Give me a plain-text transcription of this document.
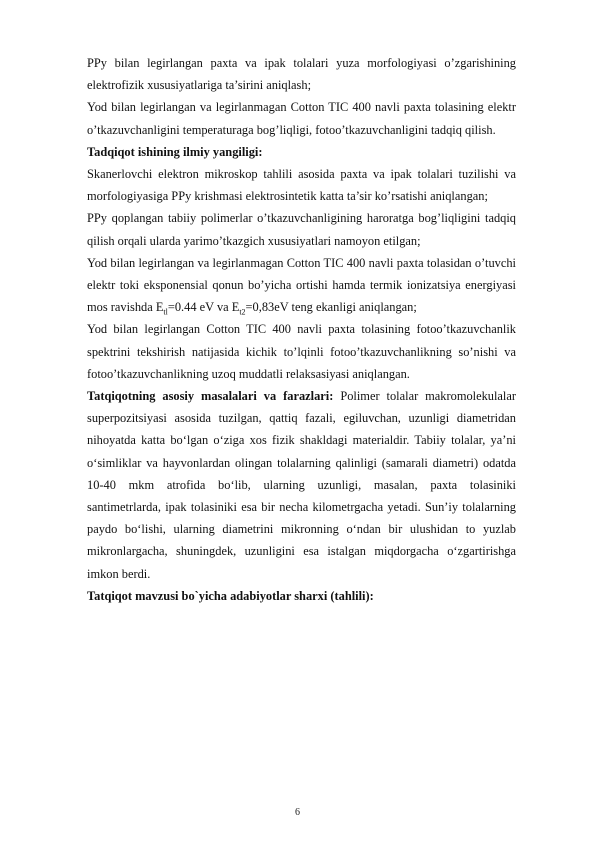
PPy bilan legirlangan paxta va ipak tolalari yuza morfologiyasi o’zgarishining elektrofizik xususiyatlariga ta’sirini aniqlash;

Yod bilan legirlangan va legirlanmagan Cotton TIC 400 navli paxta tolasining elektr o’tkazuvchanligini temperaturaga bog’liqligi, fotoo’tkazuvchanligini tadqiq qilish.

Tadqiqot ishining ilmiy yangiligi:

Skanerlovchi elektron mikroskop tahlili asosida paxta va ipak tolalari tuzilishi va morfologiyasiga PPy krishmasi elektrosintetik katta ta’sir ko’rsatishi aniqlangan;

PPy qoplangan tabiiy polimerlar o’tkazuvchanligining haroratga bog’liqligini tadqiq qilish orqali ularda yarimo’tkazgich xususiyatlari namoyon etilgan;

Yod bilan legirlangan va legirlanmagan Cotton TIC 400 navli paxta tolasidan o’tuvchi elektr toki eksponensial qonun bo’yicha ortishi hamda termik ionizatsiya energiyasi mos ravishda $E_{tl}=0.44$ eV va $E_{t2}=0,83eV$ teng ekanligi aniqlangan;

Yod bilan legirlangan Cotton TIC 400 navli paxta tolasining fotoo’tkazuvchanlik spektrini tekshirish natijasida kichik to’lqinli fotoo’tkazuvchanlikning so’nishi va fotoo’tkazuvchanlikning uzoq muddatli relaksasiyasi aniqlangan.

Tatqiqotning asosiy masalalari va farazlari: Polimer tolalar makromolekulalar superpozitsiyasi asosida tuzilgan, qattiq fazali, egiluvchan, uzunligi diametridan nihoyatda katta bo‘lgan o‘ziga xos fizik shakldagi materialdir. Tabiiy tolalar, ya’ni o‘simliklar va hayvonlardan olingan tolalarning qalinligi (samarali diametri) odatda 10-40 mkm atrofida bo‘lib, ularning uzunligi, masalan, paxta tolasiniki santimetrlarda, ipak tolasiniki esa bir necha kilometrgacha yetadi. Sun’iy tolalarning paydo bo‘lishi, ularning diametrini mikronning o‘ndan bir ulushidan to yuzlab mikronlargacha, shuningdek, uzunligini esa istalgan miqdorgacha o‘zgartirishga imkon berdi.

Tatqiqot mavzusi bo`yicha adabiyotlar sharxi (tahlili):

6
